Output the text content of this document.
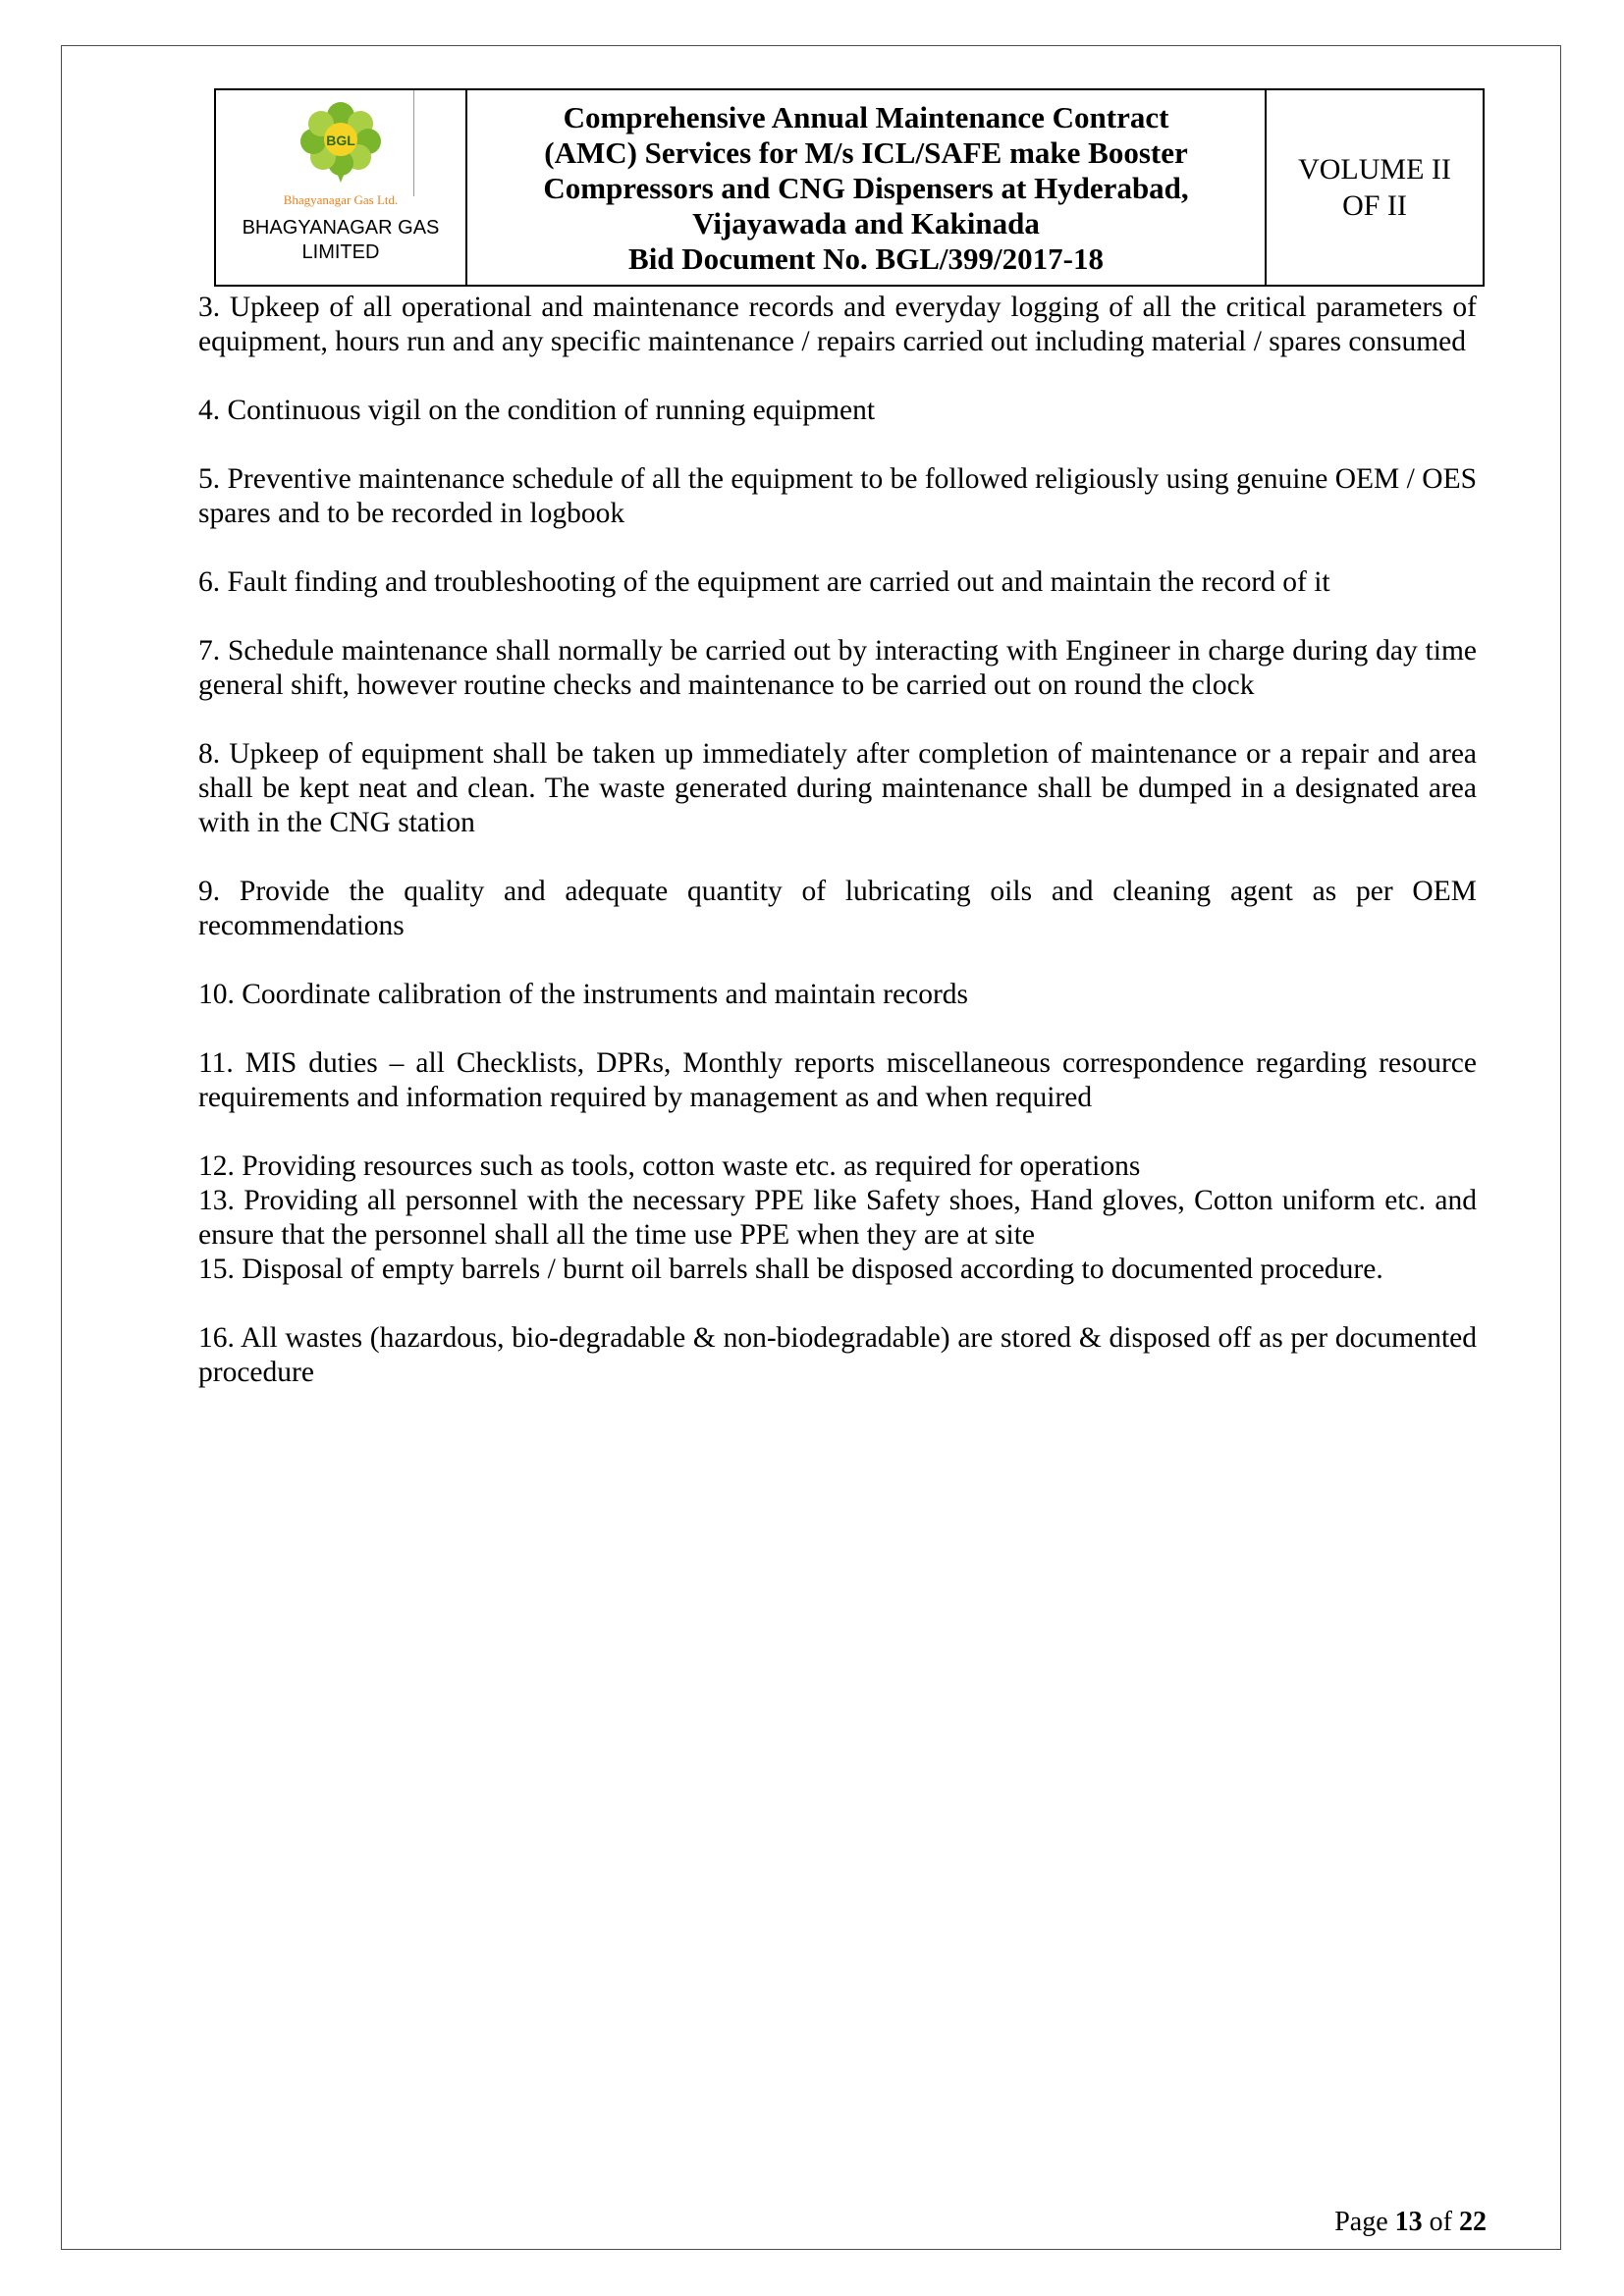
BGL
Bhagyanagar Gas Ltd.
BHAGYANAGAR GAS
LIMITED
Comprehensive Annual Maintenance Contract
(AMC) Services for M/s ICL/SAFE make Booster
Compressors and CNG Dispensers at Hyderabad,
Vijayawada and Kakinada
Bid Document No. BGL/399/2017-18
VOLUME II
OF II

3. Upkeep of all operational and maintenance records and everyday logging of all the critical parameters of equipment, hours run and any specific maintenance / repairs carried out including material / spares consumed

4. Continuous vigil on the condition of running equipment

5. Preventive maintenance schedule of all the equipment to be followed religiously using genuine OEM / OES spares and to be recorded in logbook

6. Fault finding and troubleshooting of the equipment are carried out and maintain the record of it

7. Schedule maintenance shall normally be carried out by interacting with Engineer in charge during day time general shift, however routine checks and maintenance to be carried out on round the clock

8. Upkeep of equipment shall be taken up immediately after completion of maintenance or a repair and area shall be kept neat and clean. The waste generated during maintenance shall be dumped in a designated area with in the CNG station

9. Provide the quality and adequate quantity of lubricating oils and cleaning agent as per OEM recommendations

10. Coordinate calibration of the instruments and maintain records

11. MIS duties – all Checklists, DPRs, Monthly reports miscellaneous correspondence regarding resource requirements and information required by management as and when required

12. Providing resources such as tools, cotton waste etc. as required for operations

13. Providing all personnel with the necessary PPE like Safety shoes, Hand gloves, Cotton uniform etc. and ensure that the personnel shall all the time use PPE when they are at site

15. Disposal of empty barrels / burnt oil barrels shall be disposed according to documented procedure.

16. All wastes (hazardous, bio-degradable & non-biodegradable) are stored & disposed off as per documented procedure

Page 13 of 22
